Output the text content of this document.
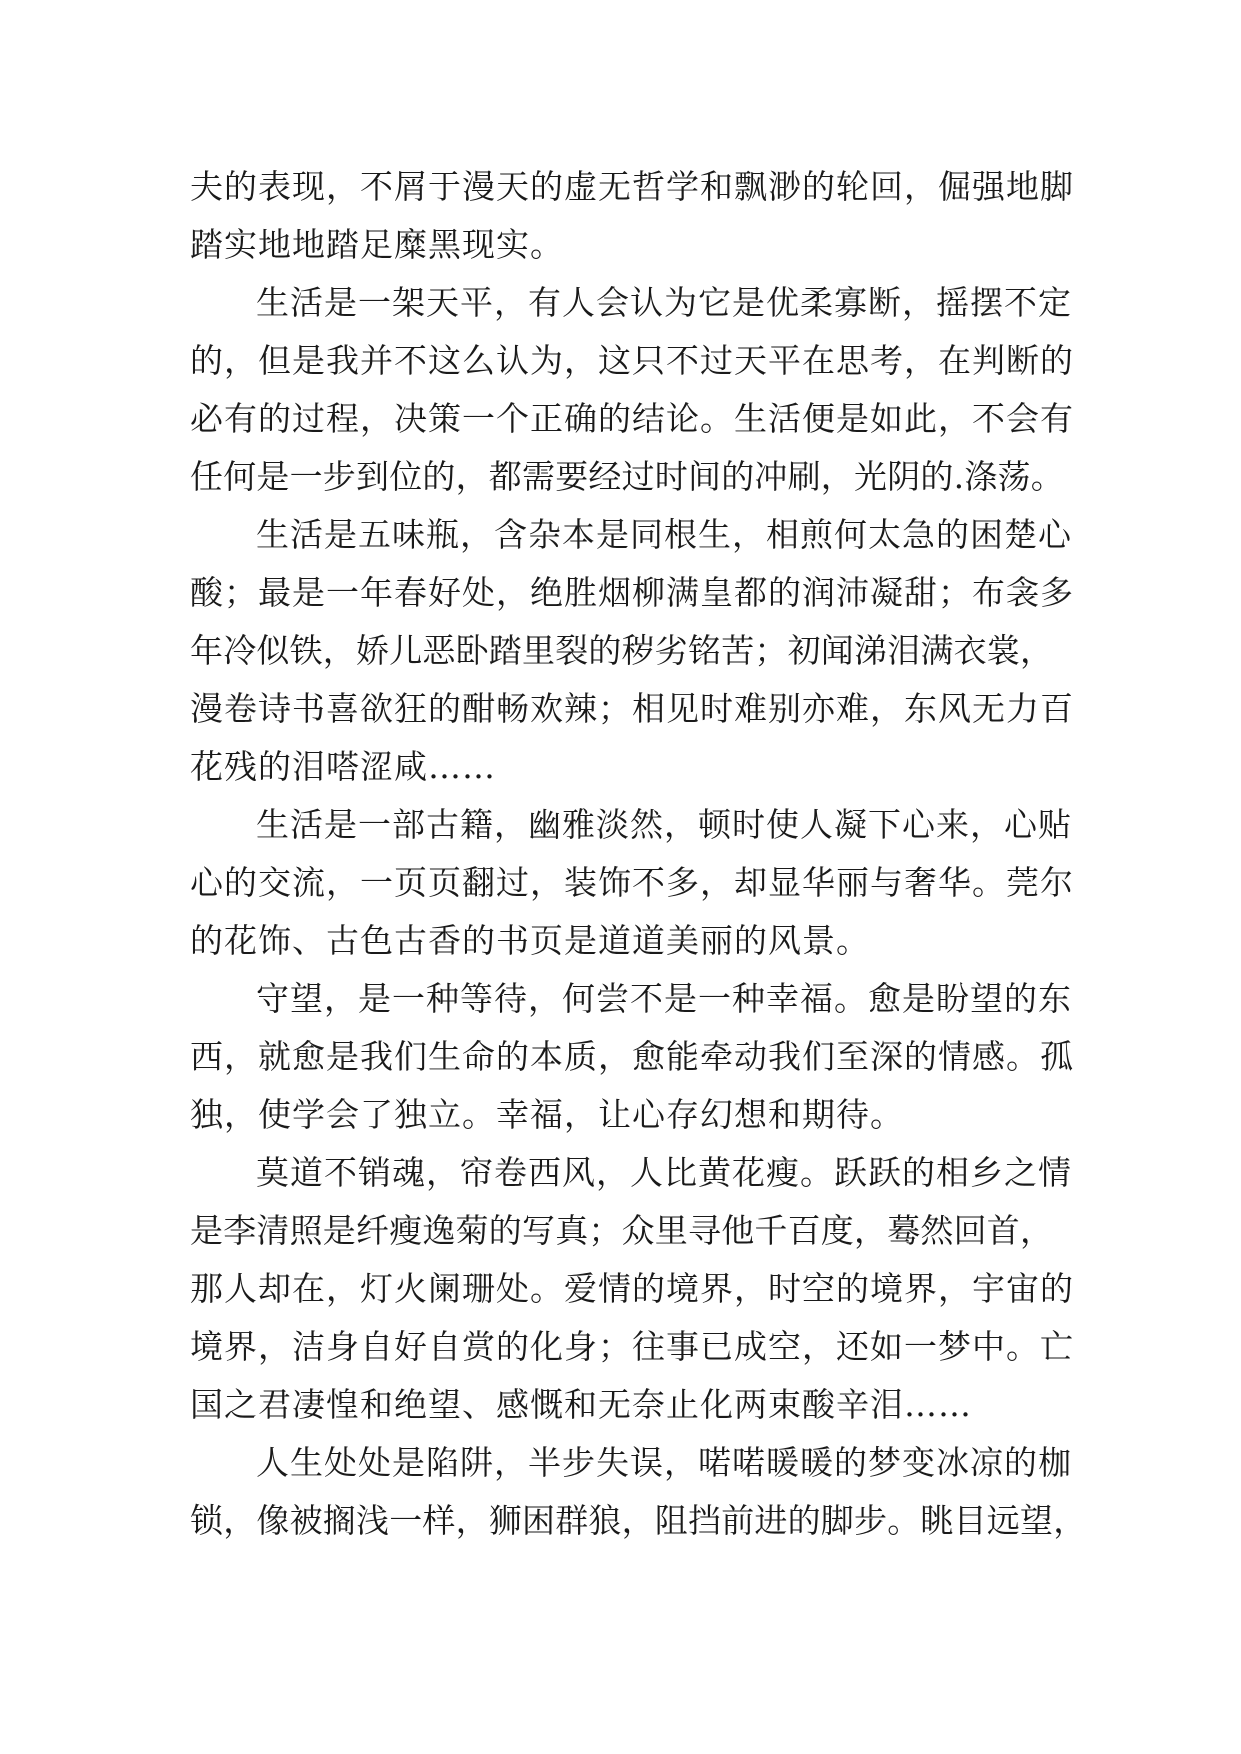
夫的表现，不屑于漫天的虚无哲学和飘渺的轮回，倔强地脚
踏实地地踏足糜黑现实。
生活是一架天平，有人会认为它是优柔寡断，摇摆不定
的，但是我并不这么认为，这只不过天平在思考，在判断的
必有的过程，决策一个正确的结论。生活便是如此，不会有
任何是一步到位的，都需要经过时间的冲刷，光阴的.涤荡。
生活是五味瓶，含杂本是同根生，相煎何太急的困楚心
酸；最是一年春好处，绝胜烟柳满皇都的润沛凝甜；布衾多
年冷似铁，娇儿恶卧踏里裂的秽劣铭苦；初闻涕泪满衣裳，
漫卷诗书喜欲狂的酣畅欢辣；相见时难别亦难，东风无力百
花残的泪嗒涩咸……
生活是一部古籍，幽雅淡然，顿时使人凝下心来，心贴
心的交流，一页页翻过，装饰不多，却显华丽与奢华。莞尔
的花饰、古色古香的书页是道道美丽的风景。
守望，是一种等待，何尝不是一种幸福。愈是盼望的东
西，就愈是我们生命的本质，愈能牵动我们至深的情感。孤
独，使学会了独立。幸福，让心存幻想和期待。
莫道不销魂，帘卷西风，人比黄花瘦。跃跃的相乡之情
是李清照是纤瘦逸菊的写真；众里寻他千百度，蓦然回首，
那人却在，灯火阑珊处。爱情的境界，时空的境界，宇宙的
境界，洁身自好自赏的化身；往事已成空，还如一梦中。亡
国之君凄惶和绝望、感慨和无奈止化两束酸辛泪……
人生处处是陷阱，半步失误，喏喏暖暖的梦变冰凉的枷
锁，像被搁浅一样，狮困群狼，阻挡前进的脚步。眺目远望，
